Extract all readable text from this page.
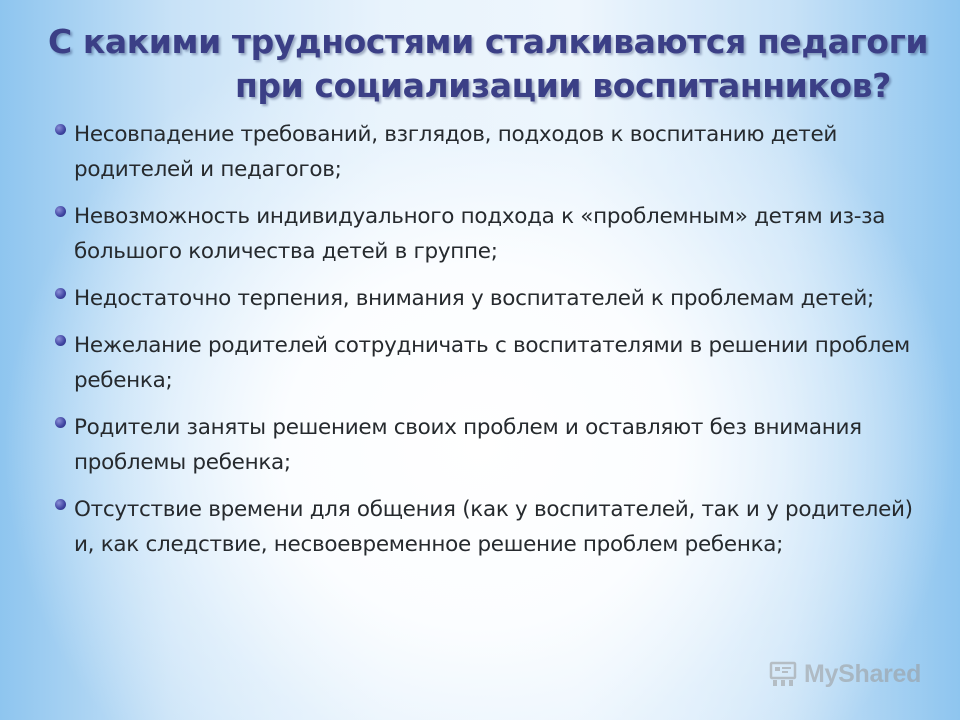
С какими трудностями сталкиваются педагоги
при социализации воспитанников?
Несовпадение требований, взглядов, подходов к воспитанию детей родителей и педагогов;
Невозможность индивидуального подхода к «проблемным» детям из-за большого количества детей в группе;
Недостаточно терпения, внимания у воспитателей к проблемам детей;
Нежелание родителей сотрудничать с воспитателями в решении проблем ребенка;
Родители заняты решением своих проблем и оставляют без внимания проблемы ребенка;
Отсутствие времени для общения (как у воспитателей, так и у родителей) и, как следствие, несвоевременное решение проблем ребенка;
MyShared
